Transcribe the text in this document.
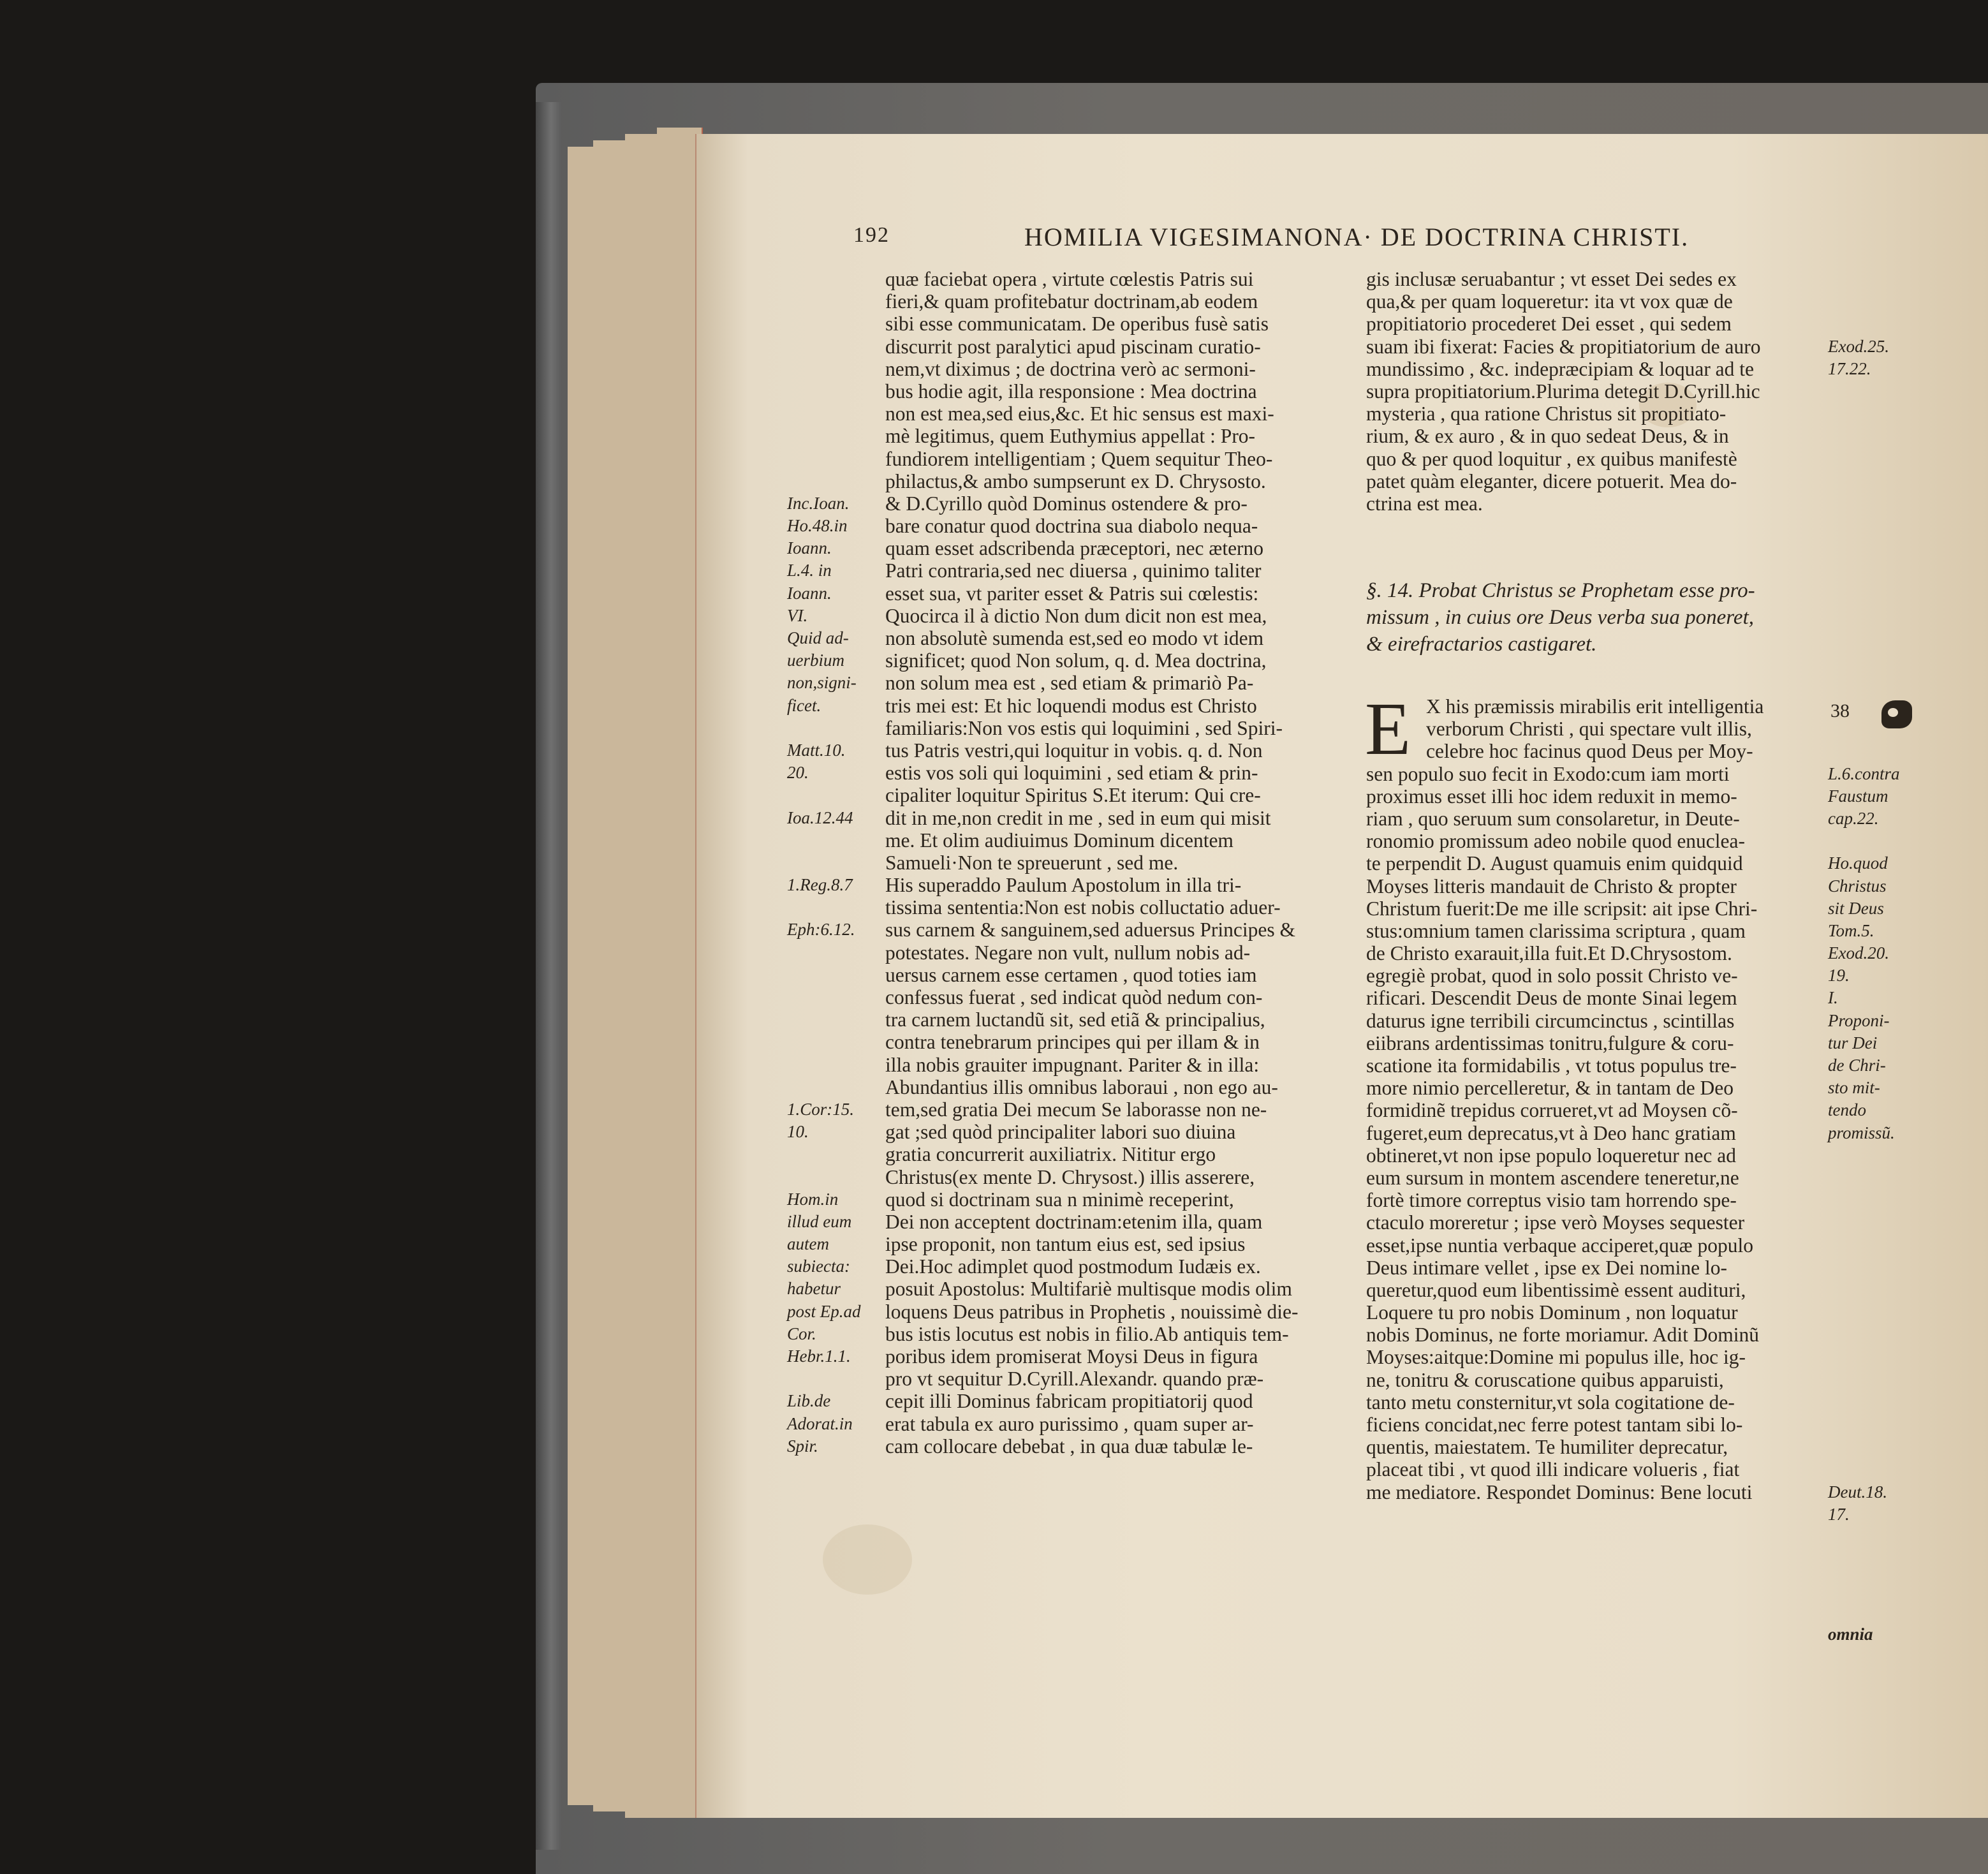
192	HOMILIA VIGESIMANONA· DE DOCTRINA CHRISTI.
quæ faciebat opera , virtute cœlestis Patris sui
fieri,& quam profitebatur doctrinam,ab eodem
sibi esse communicatam. De operibus fusè satis
discurrit post paralytici apud piscinam curatio-
nem,vt diximus ; de doctrina verò ac sermoni-
bus hodie agit, illa responsione : Mea doctrina
non est mea,sed eius,&c. Et hic sensus est maxi-
mè legitimus, quem Euthymius appellat : Pro-
fundiorem intelligentiam ; Quem sequitur Theo-
philactus,& ambo sumpserunt ex D. Chrysosto.
& D.Cyrillo quòd Dominus ostendere & pro-
bare conatur quod doctrina sua diabolo nequa-
quam esset adscribenda præceptori, nec æterno
Patri contraria,sed nec diuersa , quinimo taliter
esset sua, vt pariter esset & Patris sui cœlestis:
Quocirca il à dictio Non dum dicit non est mea,
non absolutè sumenda est,sed eo modo vt idem
significet; quod Non solum, q. d. Mea doctrina,
non solum mea est , sed etiam & primariò Pa-
tris mei est: Et hic loquendi modus est Christo
familiaris:Non vos estis qui loquimini , sed Spiri-
tus Patris vestri,qui loquitur in vobis. q. d. Non
estis vos soli qui loquimini , sed etiam & prin-
cipaliter loquitur Spiritus S.Et iterum: Qui cre-
dit in me,non credit in me , sed in eum qui misit
me. Et olim audiuimus Dominum dicentem
Samueli·Non te spreuerunt , sed me.
His superaddo Paulum Apostolum in illa tri-
tissima sententia:Non est nobis colluctatio aduer-
sus carnem & sanguinem,sed aduersus Principes &
potestates. Negare non vult, nullum nobis ad-
uersus carnem esse certamen , quod toties iam
confessus fuerat , sed indicat quòd nedum con-
tra carnem luctandũ sit, sed etiã & principalius,
contra tenebrarum principes qui per illam & in
illa nobis grauiter impugnant. Pariter & in illa:
Abundantius illis omnibus laboraui , non ego au-
tem,sed gratia Dei mecum Se laborasse non ne-
gat ;sed quòd principaliter labori suo diuina
gratia concurrerit auxiliatrix. Nititur ergo
Christus(ex mente D. Chrysost.) illis asserere,
quod si doctrinam sua n minimè receperint,
Dei non acceptent doctrinam:etenim illa, quam
ipse proponit, non tantum eius est, sed ipsius
Dei.Hoc adimplet quod postmodum Iudæis ex.
posuit Apostolus: Multifariè multisque modis olim
loquens Deus patribus in Prophetis , nouissimè die-
bus istis locutus est nobis in filio.Ab antiquis tem-
poribus idem promiserat Moysi Deus in figura
pro vt sequitur D.Cyrill.Alexandr. quando præ-
cepit illi Dominus fabricam propitiatorij quod
erat tabula ex auro purissimo , quam super ar-
cam collocare debebat , in qua duæ tabulæ le-
Inc.Ioan.
Ho.48.in
Ioann.
L.4. in
Ioann.
VI.
Quid ad-
uerbium
non,signi-
ficet.
Matt.10.
20.
Ioa.12.44
1.Reg.8.7
Eph:6.12.
1.Cor:15.
10.
Hom.in
illud eum
autem
subiecta:
habetur
post Ep.ad
Cor.
Hebr.1.1.
Lib.de
Adorat.in
Spir.
gis inclusæ seruabantur ; vt esset Dei sedes ex
qua,& per quam loqueretur: ita vt vox quæ de
propitiatorio procederet Dei esset , qui sedem
suam ibi fixerat: Facies & propitiatorium de auro
mundissimo , &c. indepræcipiam & loquar ad te
supra propitiatorium.Plurima detegit D.Cyrill.hic
mysteria , qua ratione Christus sit propitiato-
rium, & ex auro , & in quo sedeat Deus, & in
quo & per quod loquitur , ex quibus manifestè
patet quàm eleganter, dicere potuerit. Mea do-
ctrina est mea.
Exod.25.
17.22.
§. 14. Probat Christus se Prophetam esse pro-
missum , in cuius ore Deus verba sua poneret,
& eirefractarios castigaret.
E X his præmissis mirabilis erit intelligentia
verborum Christi , qui spectare vult illis,
celebre hoc facinus quod Deus per Moy-
sen populo suo fecit in Exodo:cum iam morti
proximus esset illi hoc idem reduxit in memo-
riam , quo seruum sum consolaretur, in Deute-
ronomio promissum adeo nobile quod enuclea-
te perpendit D. August quamuis enim quidquid
Moyses litteris mandauit de Christo & propter
Christum fuerit:De me ille scripsit: ait ipse Chri-
stus:omnium tamen clarissima scriptura , quam
de Christo exarauit,illa fuit.Et D.Chrysostom.
egregiè probat, quod in solo possit Christo ve-
rificari. Descendit Deus de monte Sinai legem
daturus igne terribili circumcinctus , scintillas
eiibrans ardentissimas tonitru,fulgure & coru-
scatione ita formidabilis , vt totus populus tre-
more nimio percelleretur, & in tantam de Deo
formidinẽ trepidus corrueret,vt ad Moysen cõ-
fugeret,eum deprecatus,vt à Deo hanc gratiam
obtineret,vt non ipse populo loqueretur nec ad
eum sursum in montem ascendere teneretur,ne
fortè timore correptus visio tam horrendo spe-
ctaculo moreretur ; ipse verò Moyses sequester
esset,ipse nuntia verbaque acciperet,quæ populo
Deus intimare vellet , ipse ex Dei nomine lo-
queretur,quod eum libentissimè essent audituri,
Loquere tu pro nobis Dominum , non loquatur
nobis Dominus, ne forte moriamur. Adit Dominũ
Moyses:aitque:Domine mi populus ille, hoc ig-
ne, tonitru & coruscatione quibus apparuisti,
tanto metu consternitur,vt sola cogitatione de-
ficiens concidat,nec ferre potest tantam sibi lo-
quentis, maiestatem. Te humiliter deprecatur,
placeat tibi , vt quod illi indicare volueris , fiat
me mediatore. Respondet Dominus: Bene locuti
38
L.6.contra
Faustum
cap.22.
Ho.quod
Christus
sit Deus
Tom.5.
Exod.20.
19.
I.
Proponi-
tur Dei
de Chri-
sto mit-
tendo
promissũ.
Deut.18.
17.
omnia
